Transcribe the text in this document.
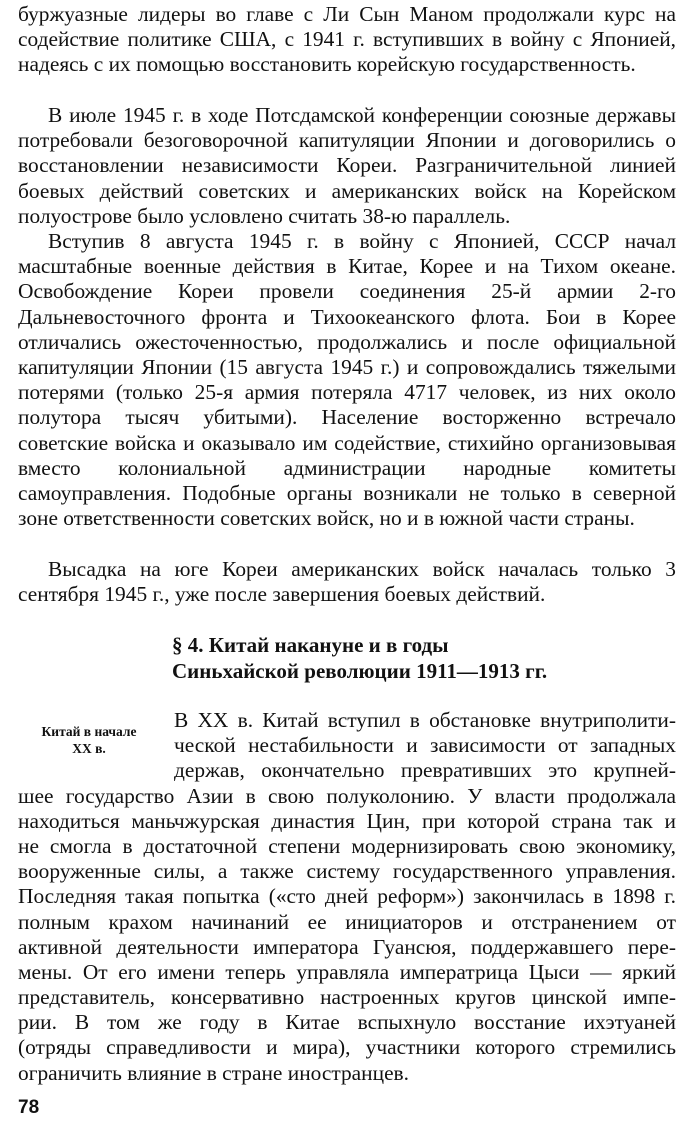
буржуазные лидеры во главе с Ли Сын Маном продолжали курс на содействие политике США, с 1941 г. вступивших в войну с Японией, надеясь с их помощью восстановить корейскую государственность.

В июле 1945 г. в ходе Потсдамской конференции союзные державы потребовали безоговорочной капитуляции Японии и договорились о восстановлении независимости Кореи. Разграничительной линией боевых действий советских и американских войск на Корейском полуострове было условлено считать 38-ю параллель.

Вступив 8 августа 1945 г. в войну с Японией, СССР начал масштабные военные действия в Китае, Корее и на Тихом океане. Освобождение Кореи провели соединения 25-й армии 2-го Дальневосточного фронта и Тихоокеанского флота. Бои в Корее отличались ожесточенностью, продолжались и после официальной капитуляции Японии (15 августа 1945 г.) и сопровождались тяжелыми потерями (только 25-я армия потеряла 4717 человек, из них около полутора тысяч убитыми). Население восторженно встречало советские войска и оказывало им содействие, стихийно организовывая вместо колониальной администрации народные комитеты самоуправления. Подобные органы возникали не только в северной зоне ответственности советских войск, но и в южной части страны.

Высадка на юге Кореи американских войск началась только 3 сентября 1945 г., уже после завершения боевых действий.

§ 4. Китай накануне и в годы
Синьхайской революции 1911—1913 гг.
Китай в начале
XX в.
В XX в. Китай вступил в обстановке внутриполити-
ческой нестабильности и зависимости от западных
держав, окончательно превративших это крупней-
шее государство Азии в свою полуколонию. У власти продолжала
находиться маньчжурская династия Цин, при которой страна так и
не смогла в достаточной степени модернизировать свою экономику,
вооруженные силы, а также систему государственного управления.
Последняя такая попытка («сто дней реформ») закончилась в 1898 г.
полным крахом начинаний ее инициаторов и отстранением от
активной деятельности императора Гуансюя, поддержавшего пере-
мены. От его имени теперь управляла императрица Цыси — яркий
представитель, консервативно настроенных кругов цинской импе-
рии. В том же году в Китае вспыхнуло восстание ихэтуаней
(отряды справедливости и мира), участники которого стремились
ограничить влияние в стране иностранцев.
78
